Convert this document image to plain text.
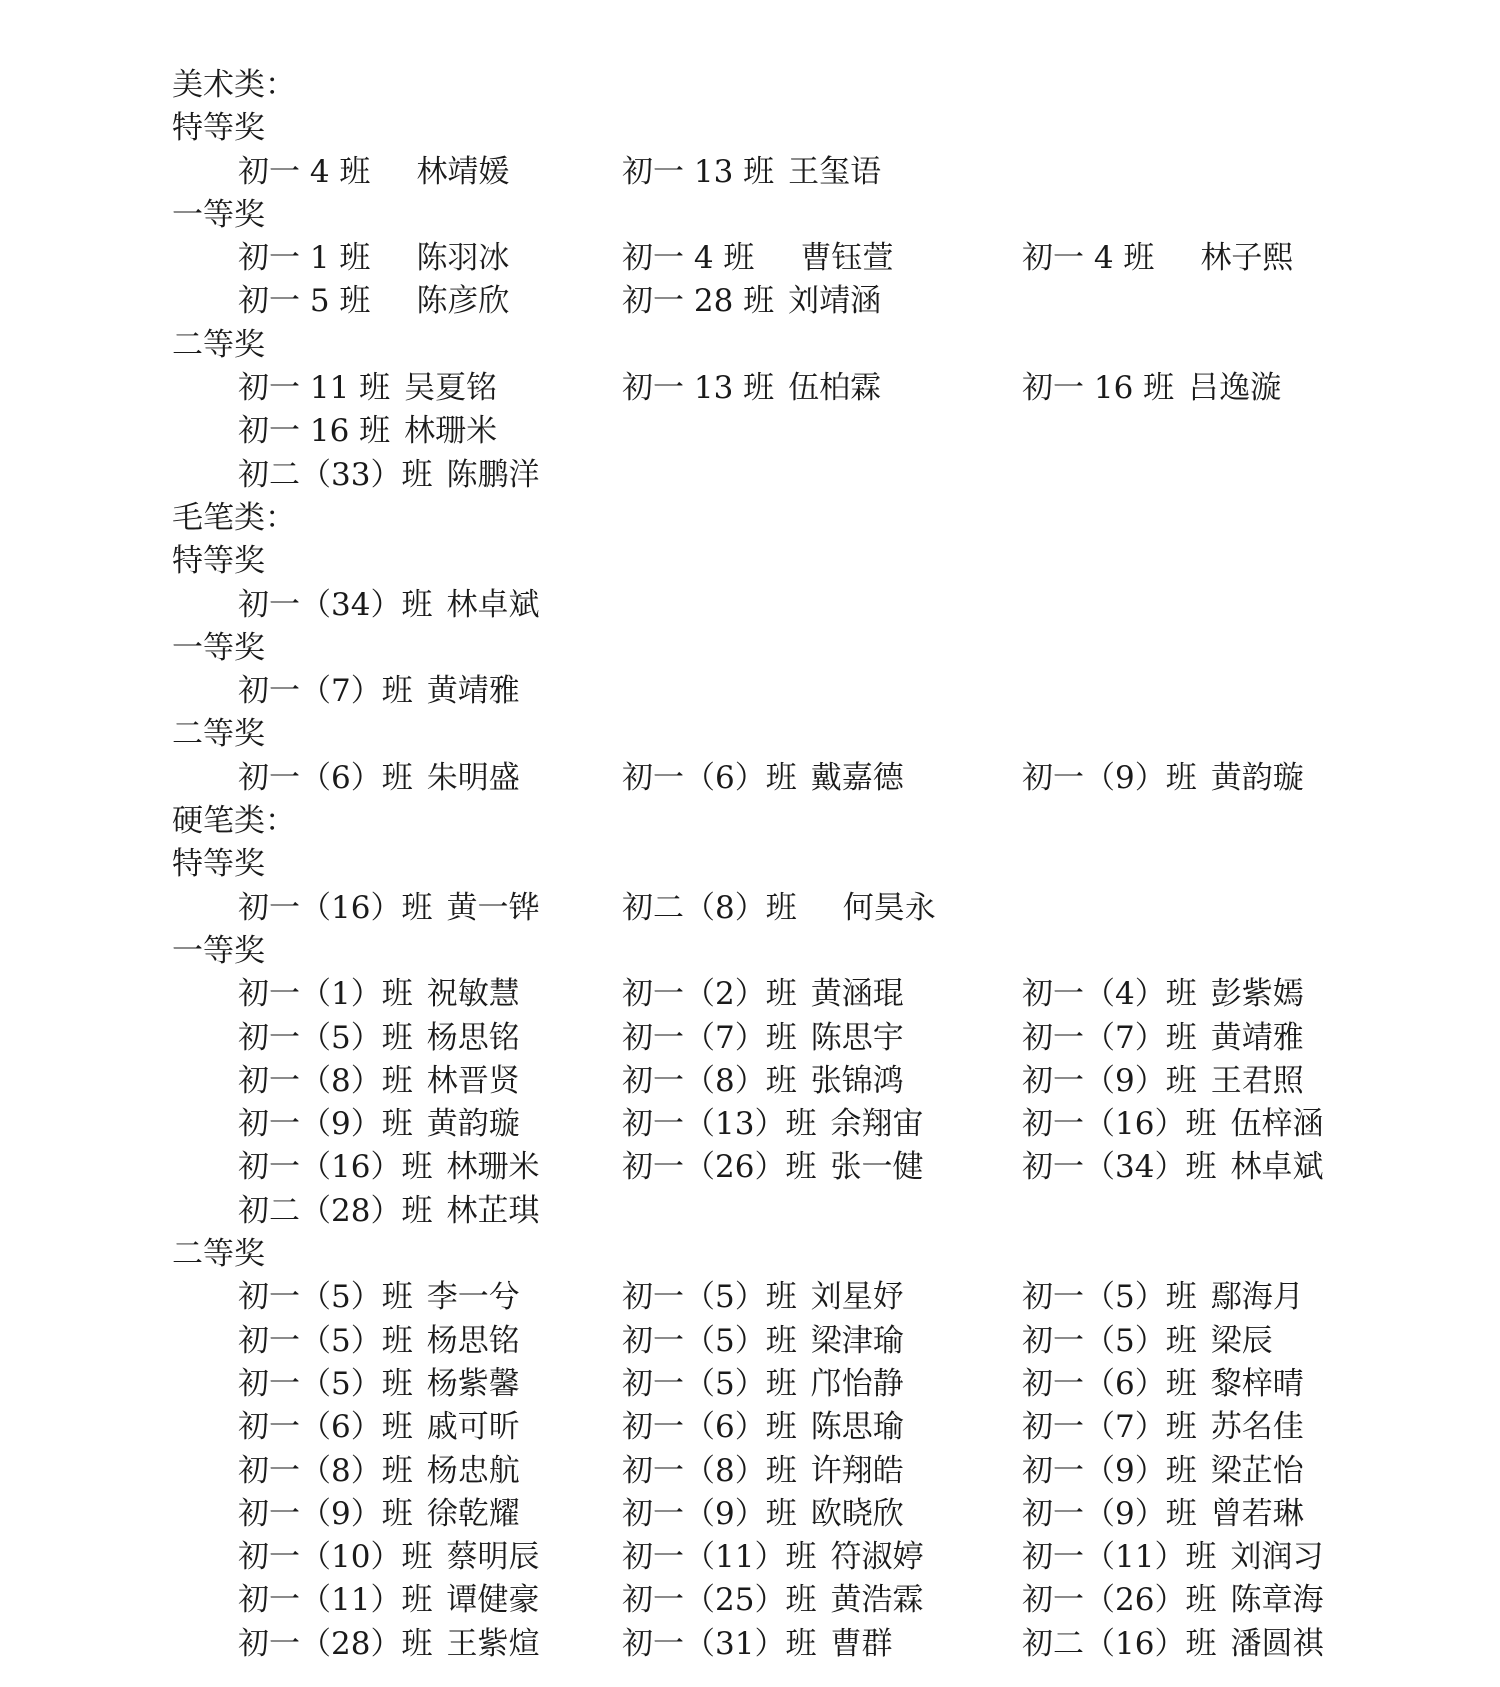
美术类：
特等奖
初一 4 班 林靖媛	初一 13 班 王玺语
一等奖
初一 1 班 陈羽冰	初一 4 班 曹钰萱	初一 4 班 林子熙
初一 5 班 陈彦欣	初一 28 班 刘靖涵
二等奖
初一 11 班 吴夏铭	初一 13 班 伍柏霖	初一 16 班 吕逸漩
初一 16 班 林珊米
初二（33）班 陈鹏洋
毛笔类：
特等奖
初一（34）班 林卓斌
一等奖
初一（7）班 黄靖雅
二等奖
初一（6）班 朱明盛	初一（6）班 戴嘉德	初一（9）班 黄韵璇
硬笔类：
特等奖
初一（16）班 黄一铧	初二（8）班 何昊永
一等奖
初一（1）班 祝敏慧	初一（2）班 黄涵琨	初一（4）班 彭紫嫣
初一（5）班 杨思铭	初一（7）班 陈思宇	初一（7）班 黄靖雅
初一（8）班 林晋贤	初一（8）班 张锦鸿	初一（9）班 王君照
初一（9）班 黄韵璇	初一（13）班 余翔宙	初一（16）班 伍梓涵
初一（16）班 林珊米	初一（26）班 张一健	初一（34）班 林卓斌
初二（28）班 林芷琪
二等奖
初一（5）班 李一兮	初一（5）班 刘星妤	初一（5）班 鄢海月
初一（5）班 杨思铭	初一（5）班 梁津瑜	初一（5）班 梁辰
初一（5）班 杨紫馨	初一（5）班 邝怡静	初一（6）班 黎梓晴
初一（6）班 戚可昕	初一（6）班 陈思瑜	初一（7）班 苏名佳
初一（8）班 杨忠航	初一（8）班 许翔皓	初一（9）班 梁芷怡
初一（9）班 徐乾耀	初一（9）班 欧晓欣	初一（9）班 曾若琳
初一（10）班 蔡明辰	初一（11）班 符淑婷	初一（11）班 刘润习
初一（11）班 谭健豪	初一（25）班 黄浩霖	初一（26）班 陈章海
初一（28）班 王紫煊	初一（31）班 曹群	初二（16）班 潘圆祺
